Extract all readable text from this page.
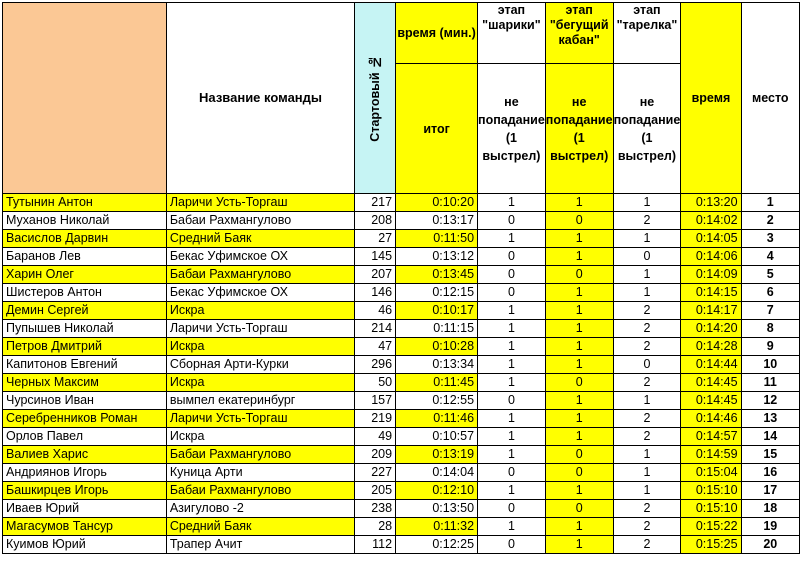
	Название команды	Стартовый №	время (мин.)	этап "шарики"	этап "бегущий кабан"	этап "тарелка"	время	место
			итог	не попадание (1 выстрел)	не попадание (1 выстрел)	не попадание (1 выстрел)		
Тутынин Антон	Ларичи Усть-Торгаш	217	0:10:20	1	1	1	0:13:20	1
Муханов Николай	Бабаи Рахмангулово	208	0:13:17	0	0	2	0:14:02	2
Васислов Дарвин	Средний Баяк	27	0:11:50	1	1	1	0:14:05	3
Баранов Лев	Бекас Уфимское ОХ	145	0:13:12	0	1	0	0:14:06	4
Харин Олег	Бабаи Рахмангулово	207	0:13:45	0	0	1	0:14:09	5
Шистеров Антон	Бекас Уфимское ОХ	146	0:12:15	0	1	1	0:14:15	6
Демин Сергей	Искра	46	0:10:17	1	1	2	0:14:17	7
Пупышев Николай	Ларичи Усть-Торгаш	214	0:11:15	1	1	2	0:14:20	8
Петров Дмитрий	Искра	47	0:10:28	1	1	2	0:14:28	9
Капитонов Евгений	Сборная Арти-Курки	296	0:13:34	1	1	0	0:14:44	10
Черных Максим	Искра	50	0:11:45	1	0	2	0:14:45	11
Чурсинов Иван	вымпел екатеринбург	157	0:12:55	0	1	1	0:14:45	12
Серебренников Роман	Ларичи Усть-Торгаш	219	0:11:46	1	1	2	0:14:46	13
Орлов Павел	Искра	49	0:10:57	1	1	2	0:14:57	14
Валиев Харис	Бабаи Рахмангулово	209	0:13:19	1	0	1	0:14:59	15
Андриянов Игорь	Куница Арти	227	0:14:04	0	0	1	0:15:04	16
Башкирцев Игорь	Бабаи Рахмангулово	205	0:12:10	1	1	1	0:15:10	17
Иваев Юрий	Азигулово -2	238	0:13:50	0	0	2	0:15:10	18
Магасумов Тансур	Средний Баяк	28	0:11:32	1	1	2	0:15:22	19
Куимов Юрий	Трапер Ачит	112	0:12:25	0	1	2	0:15:25	20
